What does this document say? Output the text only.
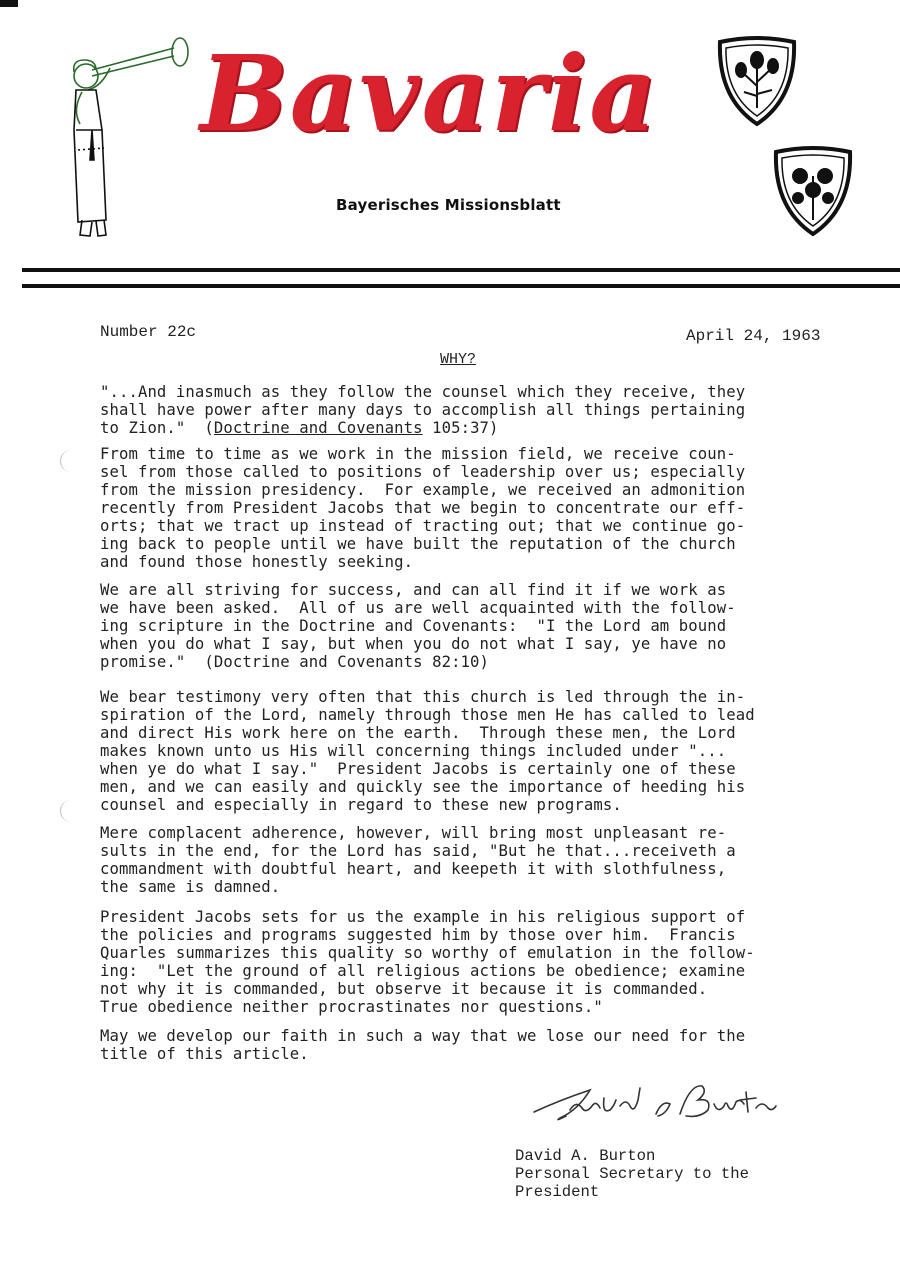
Bavaria
Bayerisches Missionsblatt
Number 22c	April 24, 1963
WHY?
"...And inasmuch as they follow the counsel which they receive, they
shall have power after many days to accomplish all things pertaining
to Zion."  (Doctrine and Covenants 105:37)
From time to time as we work in the mission field, we receive coun-
sel from those called to positions of leadership over us; especially
from the mission presidency.  For example, we received an admonition
recently from President Jacobs that we begin to concentrate our eff-
orts; that we tract up instead of tracting out; that we continue go-
ing back to people until we have built the reputation of the church
and found those honestly seeking.
We are all striving for success, and can all find it if we work as
we have been asked.  All of us are well acquainted with the follow-
ing scripture in the Doctrine and Covenants:  "I the Lord am bound
when you do what I say, but when you do not what I say, ye have no
promise."  (Doctrine and Covenants 82:10)
We bear testimony very often that this church is led through the in-
spiration of the Lord, namely through those men He has called to lead
and direct His work here on the earth.  Through these men, the Lord
makes known unto us His will concerning things included under "...
when ye do what I say."  President Jacobs is certainly one of these
men, and we can easily and quickly see the importance of heeding his
counsel and especially in regard to these new programs.
Mere complacent adherence, however, will bring most unpleasant re-
sults in the end, for the Lord has said, "But he that...receiveth a
commandment with doubtful heart, and keepeth it with slothfulness,
the same is damned.
President Jacobs sets for us the example in his religious support of
the policies and programs suggested him by those over him.  Francis
Quarles summarizes this quality so worthy of emulation in the follow-
ing:  "Let the ground of all religious actions be obedience; examine
not why it is commanded, but observe it because it is commanded.
True obedience neither procrastinates nor questions."
May we develop our faith in such a way that we lose our need for the
title of this article.
David A. Burton
Personal Secretary to the
President
